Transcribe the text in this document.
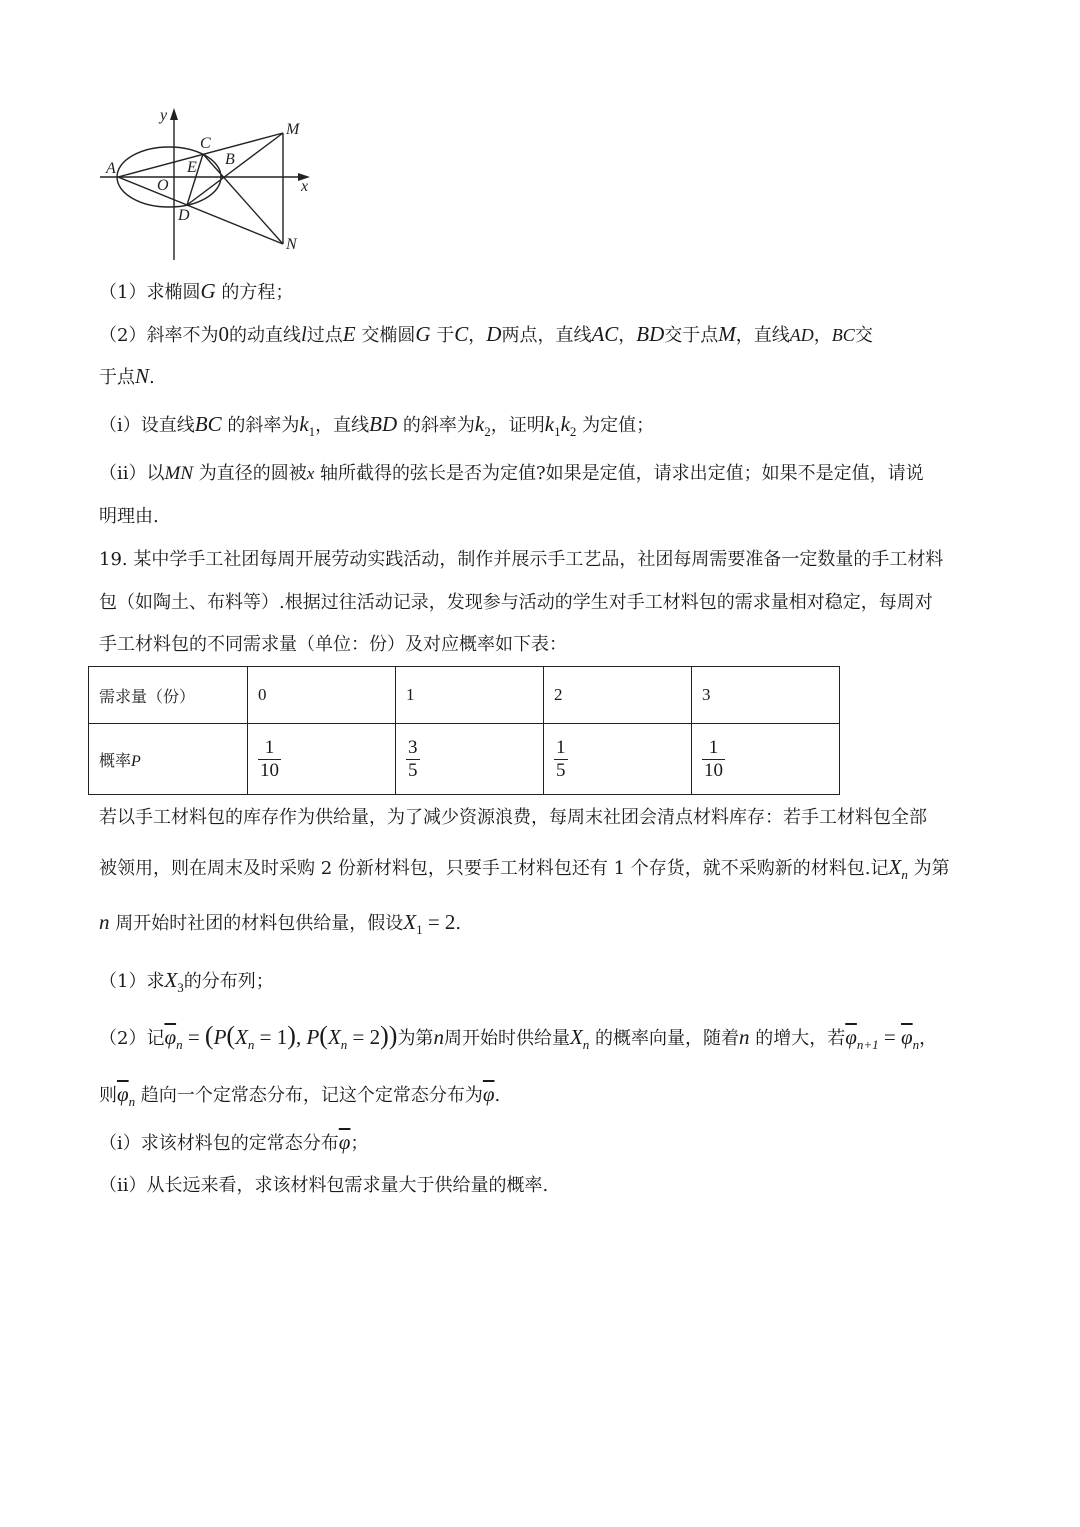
y
x
A
B
C
D
E
O
M
N
（1）求椭圆G 的方程；
（2）斜率不为0的动直线l过点E 交椭圆G 于C，D两点，直线AC，BD交于点M，直线AD，BC交
于点N.
（i）设直线BC 的斜率为$k_1$，直线BD 的斜率为$k_2$，证明$k_1k_2$ 为定值；
（ii）以MN 为直径的圆被x 轴所截得的弦长是否为定值?如果是定值，请求出定值；如果不是定值，请说
明理由.
19. 某中学手工社团每周开展劳动实践活动，制作并展示手工艺品，社团每周需要准备一定数量的手工材料
包（如陶土、布料等）.根据过往活动记录，发现参与活动的学生对手工材料包的需求量相对稳定，每周对
手工材料包的不同需求量（单位：份）及对应概率如下表：
需求量（份）	0	1	2	3
概率P	$\frac{1}{10}$	$\frac{3}{5}$	$\frac{1}{5}$	$\frac{1}{10}$
若以手工材料包的库存作为供给量，为了减少资源浪费，每周末社团会清点材料库存：若手工材料包全部
被领用，则在周末及时采购 2 份新材料包，只要手工材料包还有 1 个存货，就不采购新的材料包.记$X_n$ 为第
n 周开始时社团的材料包供给量，假设$X_1 = 2$.
（1）求$X_3$的分布列；
（2）记$\overline{\varphi}_n = (P(X_n = 1)$, $P(X_n = 2)$)为第n周开始时供给量$X_n$ 的概率向量，随着n 的增大，若$\overline{\varphi}_{n+1} = \overline{\varphi}_n$，
则$\overline{\varphi}_n$ 趋向一个定常态分布，记这个定常态分布为$\overline{\varphi}$.
（i）求该材料包的定常态分布$\overline{\varphi}$；
（ii）从长远来看，求该材料包需求量大于供给量的概率.
